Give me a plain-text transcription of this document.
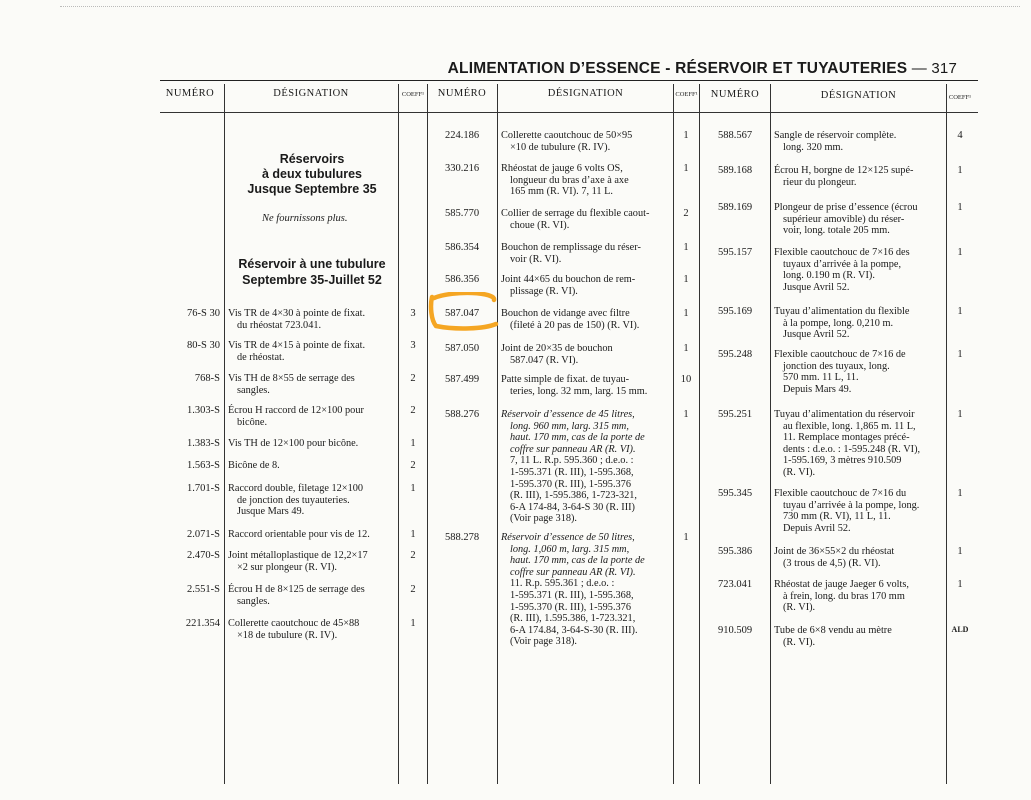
ALIMENTATION D’ESSENCE - RÉSERVOIR ET TUYAUTERIES — 317
NUMÉRO	DÉSIGNATION	COEFF¹	NUMÉRO	DÉSIGNATION	COEFF¹	NUMÉRO	DÉSIGNATION	COEFF¹
Réservoirs
à deux tubulures
Jusque Septembre 35
Ne fournissons plus.
Réservoir à une tubulure
Septembre 35-Juillet 52
76-S 30 Vis TR de 4×30 à pointe de fixat.
du rhéostat 723.041.
3
80-S 30 Vis TR de 4×15 à pointe de fixat.
de rhéostat.
3
768-S Vis TH de 8×55 de serrage des
sangles.
2
1.303-S Écrou H raccord de 12×100 pour
bicône.
2
1.383-S Vis TH de 12×100 pour bicône.	1
1.563-S Bicône de 8.	2
1.701-S Raccord double, filetage 12×100
de jonction des tuyauteries.
Jusque Mars 49.
1
2.071-S Raccord orientable pour vis de 12.	1
2.470-S Joint métalloplastique de 12,2×17
×2 sur plongeur (R. VI).
2
2.551-S Écrou H de 8×125 de serrage des
sangles.
2
221.354 Collerette caoutchouc de 45×88
×18 de tubulure (R. IV).
1
224.186	Collerette caoutchouc de 50×95
×10 de tubulure (R. IV).
1
330.216	Rhéostat de jauge 6 volts OS,
longueur du bras d’axe à axe
165 mm (R. VI). 7, 11 L.
1
585.770	Collier de serrage du flexible caout-
choue (R. VI).
2
586.354	Bouchon de remplissage du réser-
voir (R. VI).
1
586.356	Joint 44×65 du bouchon de rem-
plissage (R. VI).
1
587.047	Bouchon de vidange avec filtre
(fileté à 20 pas de 150) (R. VI).
1
587.050	Joint de 20×35 de bouchon
587.047 (R. VI).
1
587.499	Patte simple de fixat. de tuyau-
teries, long. 32 mm, larg. 15 mm.
10
588.276	Réservoir d’essence de 45 litres,
long. 960 mm, larg. 315 mm,
haut. 170 mm, cas de la porte de
coffre sur panneau AR (R. VI).
7, 11 L. R.p. 595.360 ; d.e.o. :
1-595.371 (R. III), 1-595.368,
1-595.370 (R. III), 1-595.376
(R. III), 1-595.386, 1-723-321,
6-A 174-84, 3-64-S 30 (R. III)
(Voir page 318).
1
588.278	Réservoir d’essence de 50 litres,
long. 1,060 m, larg. 315 mm,
haut. 170 mm, cas de la porte de
coffre sur panneau AR (R. VI).
11. R.p. 595.361 ; d.e.o. :
1-595.371 (R. III), 1-595.368,
1-595.370 (R. III), 1-595.376
(R. III), 1.595.386, 1-723.321,
6-A 174.84, 3-64-S-30 (R. III).
(Voir page 318).
1
588.567	Sangle de réservoir complète.
long. 320 mm.
4
589.168	Écrou H, borgne de 12×125 supé-
rieur du plongeur.
1
589.169	Plongeur de prise d’essence (écrou
supérieur amovible) du réser-
voir, long. totale 205 mm.
1
595.157	Flexible caoutchouc de 7×16 des
tuyaux d’arrivée à la pompe,
long. 0.190 m (R. VI).
Jusque Avril 52.
1
595.169	Tuyau d’alimentation du flexible
à la pompe, long. 0,210 m.
Jusque Avril 52.
1
595.248	Flexible caoutchouc de 7×16 de
jonction des tuyaux, long.
570 mm. 11 L, 11.
Depuis Mars 49.
1
595.251	Tuyau d’alimentation du réservoir
au flexible, long. 1,865 m. 11 L,
11. Remplace montages précé-
dents : d.e.o. : 1-595.248 (R. VI),
1-595.169, 3 mètres 910.509
(R. VI).
1
595.345	Flexible caoutchouc de 7×16 du
tuyau d’arrivée à la pompe, long.
730 mm (R. VI), 11 L, 11.
Depuis Avril 52.
1
595.386	Joint de 36×55×2 du rhéostat
(3 trous de 4,5) (R. VI).
1
723.041	Rhéostat de jauge Jaeger 6 volts,
à frein, long. du bras 170 mm
(R. VI).
1
910.509	Tube de 6×8 vendu au mètre
(R. VI).
ALD
